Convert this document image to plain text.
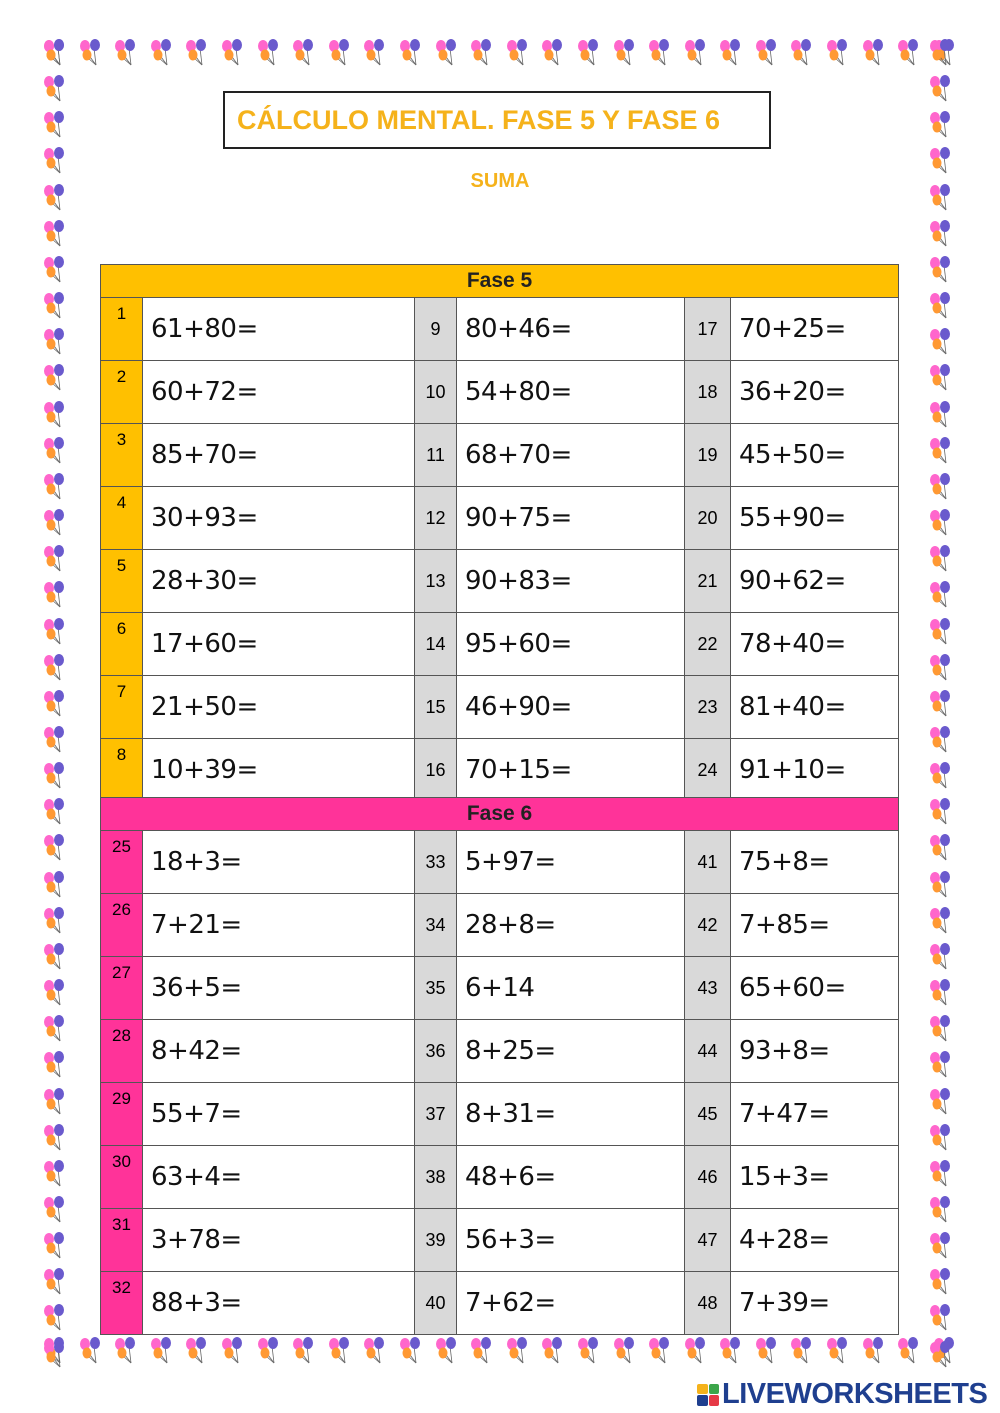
CÁLCULO MENTAL. FASE 5 Y FASE 6
SUMA
Fase 5					
1	61+80=	9	80+46=	17	70+25=
2	60+72=	10	54+80=	18	36+20=
3	85+70=	11	68+70=	19	45+50=
4	30+93=	12	90+75=	20	55+90=
5	28+30=	13	90+83=	21	90+62=
6	17+60=	14	95+60=	22	78+40=
7	21+50=	15	46+90=	23	81+40=
8	10+39=	16	70+15=	24	91+10=
Fase 6					
25	18+3=	33	5+97=	41	75+8=
26	7+21=	34	28+8=	42	7+85=
27	36+5=	35	6+14	43	65+60=
28	8+42=	36	8+25=	44	93+8=
29	55+7=	37	8+31=	45	7+47=
30	63+4=	38	48+6=	46	15+3=
31	3+78=	39	56+3=	47	4+28=
32	88+3=	40	7+62=	48	7+39=
LIVEWORKSHEETS
